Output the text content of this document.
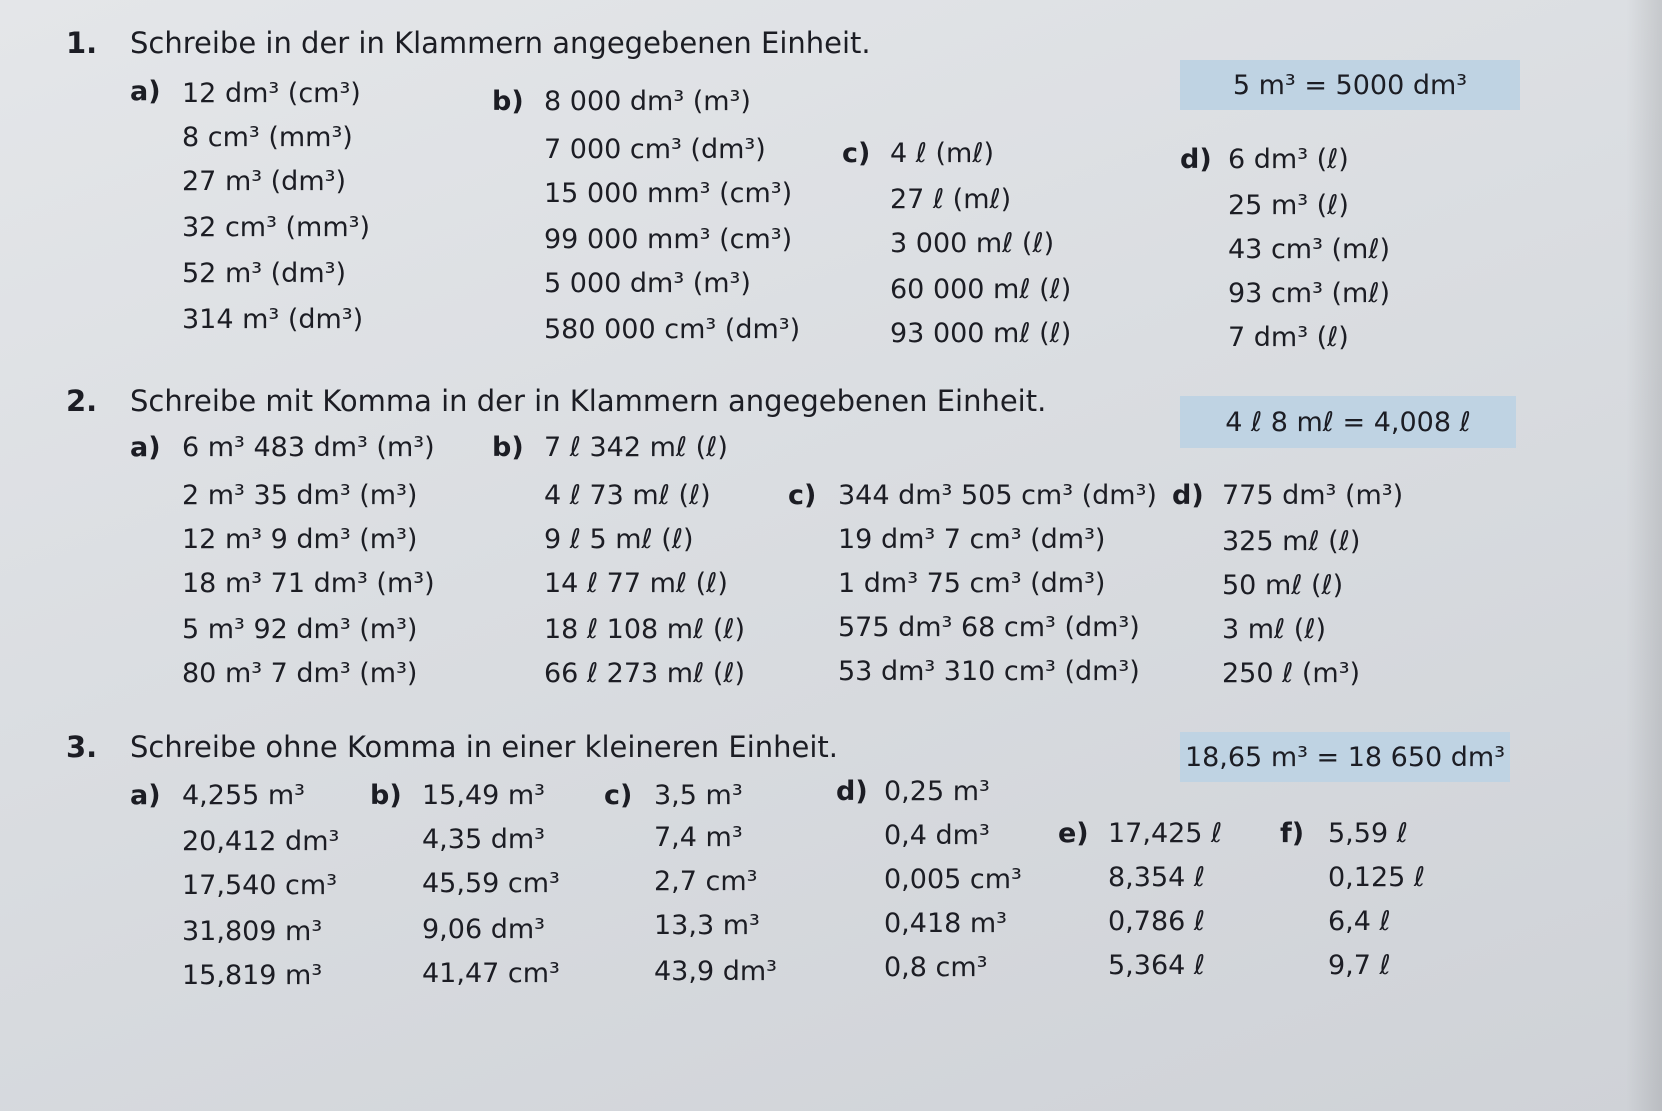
1. Schreibe in der in Klammern angegebenen Einheit.
5 m³ = 5000 dm³
a) 12 dm³ (cm³)
8 cm³ (mm³)
27 m³ (dm³)
32 cm³ (mm³)
52 m³ (dm³)
314 m³ (dm³)
b) 8 000 dm³ (m³)
7 000 cm³ (dm³)
15 000 mm³ (cm³)
99 000 mm³ (cm³)
5 000 dm³ (m³)
580 000 cm³ (dm³)
c) 4 ℓ (mℓ)
27 ℓ (mℓ)
3 000 mℓ (ℓ)
60 000 mℓ (ℓ)
93 000 mℓ (ℓ)
d) 6 dm³ (ℓ)
25 m³ (ℓ)
43 cm³ (mℓ)
93 cm³ (mℓ)
7 dm³ (ℓ)
2. Schreibe mit Komma in der in Klammern angegebenen Einheit.
4 ℓ 8 mℓ = 4,008 ℓ
a) 6 m³ 483 dm³ (m³)
2 m³ 35 dm³ (m³)
12 m³ 9 dm³ (m³)
18 m³ 71 dm³ (m³)
5 m³ 92 dm³ (m³)
80 m³ 7 dm³ (m³)
b) 7 ℓ 342 mℓ (ℓ)
4 ℓ 73 mℓ (ℓ)
9 ℓ 5 mℓ (ℓ)
14 ℓ 77 mℓ (ℓ)
18 ℓ 108 mℓ (ℓ)
66 ℓ 273 mℓ (ℓ)
c) 344 dm³ 505 cm³ (dm³)
19 dm³ 7 cm³ (dm³)
1 dm³ 75 cm³ (dm³)
575 dm³ 68 cm³ (dm³)
53 dm³ 310 cm³ (dm³)
d) 775 dm³ (m³)
325 mℓ (ℓ)
50 mℓ (ℓ)
3 mℓ (ℓ)
250 ℓ (m³)
3. Schreibe ohne Komma in einer kleineren Einheit.	18,65 m³ = 18 650 dm³
a) 4,255 m³
20,412 dm³
17,540 cm³
31,809 m³
15,819 m³
b) 15,49 m³
4,35 dm³
45,59 cm³
9,06 dm³
41,47 cm³
c) 3,5 m³
7,4 m³
2,7 cm³
13,3 m³
43,9 dm³
d) 0,25 m³
0,4 dm³
0,005 cm³
0,418 m³
0,8 cm³
e) 17,425 ℓ
8,354 ℓ
0,786 ℓ
5,364 ℓ
f) 5,59 ℓ
0,125 ℓ
6,4 ℓ
9,7 ℓ
